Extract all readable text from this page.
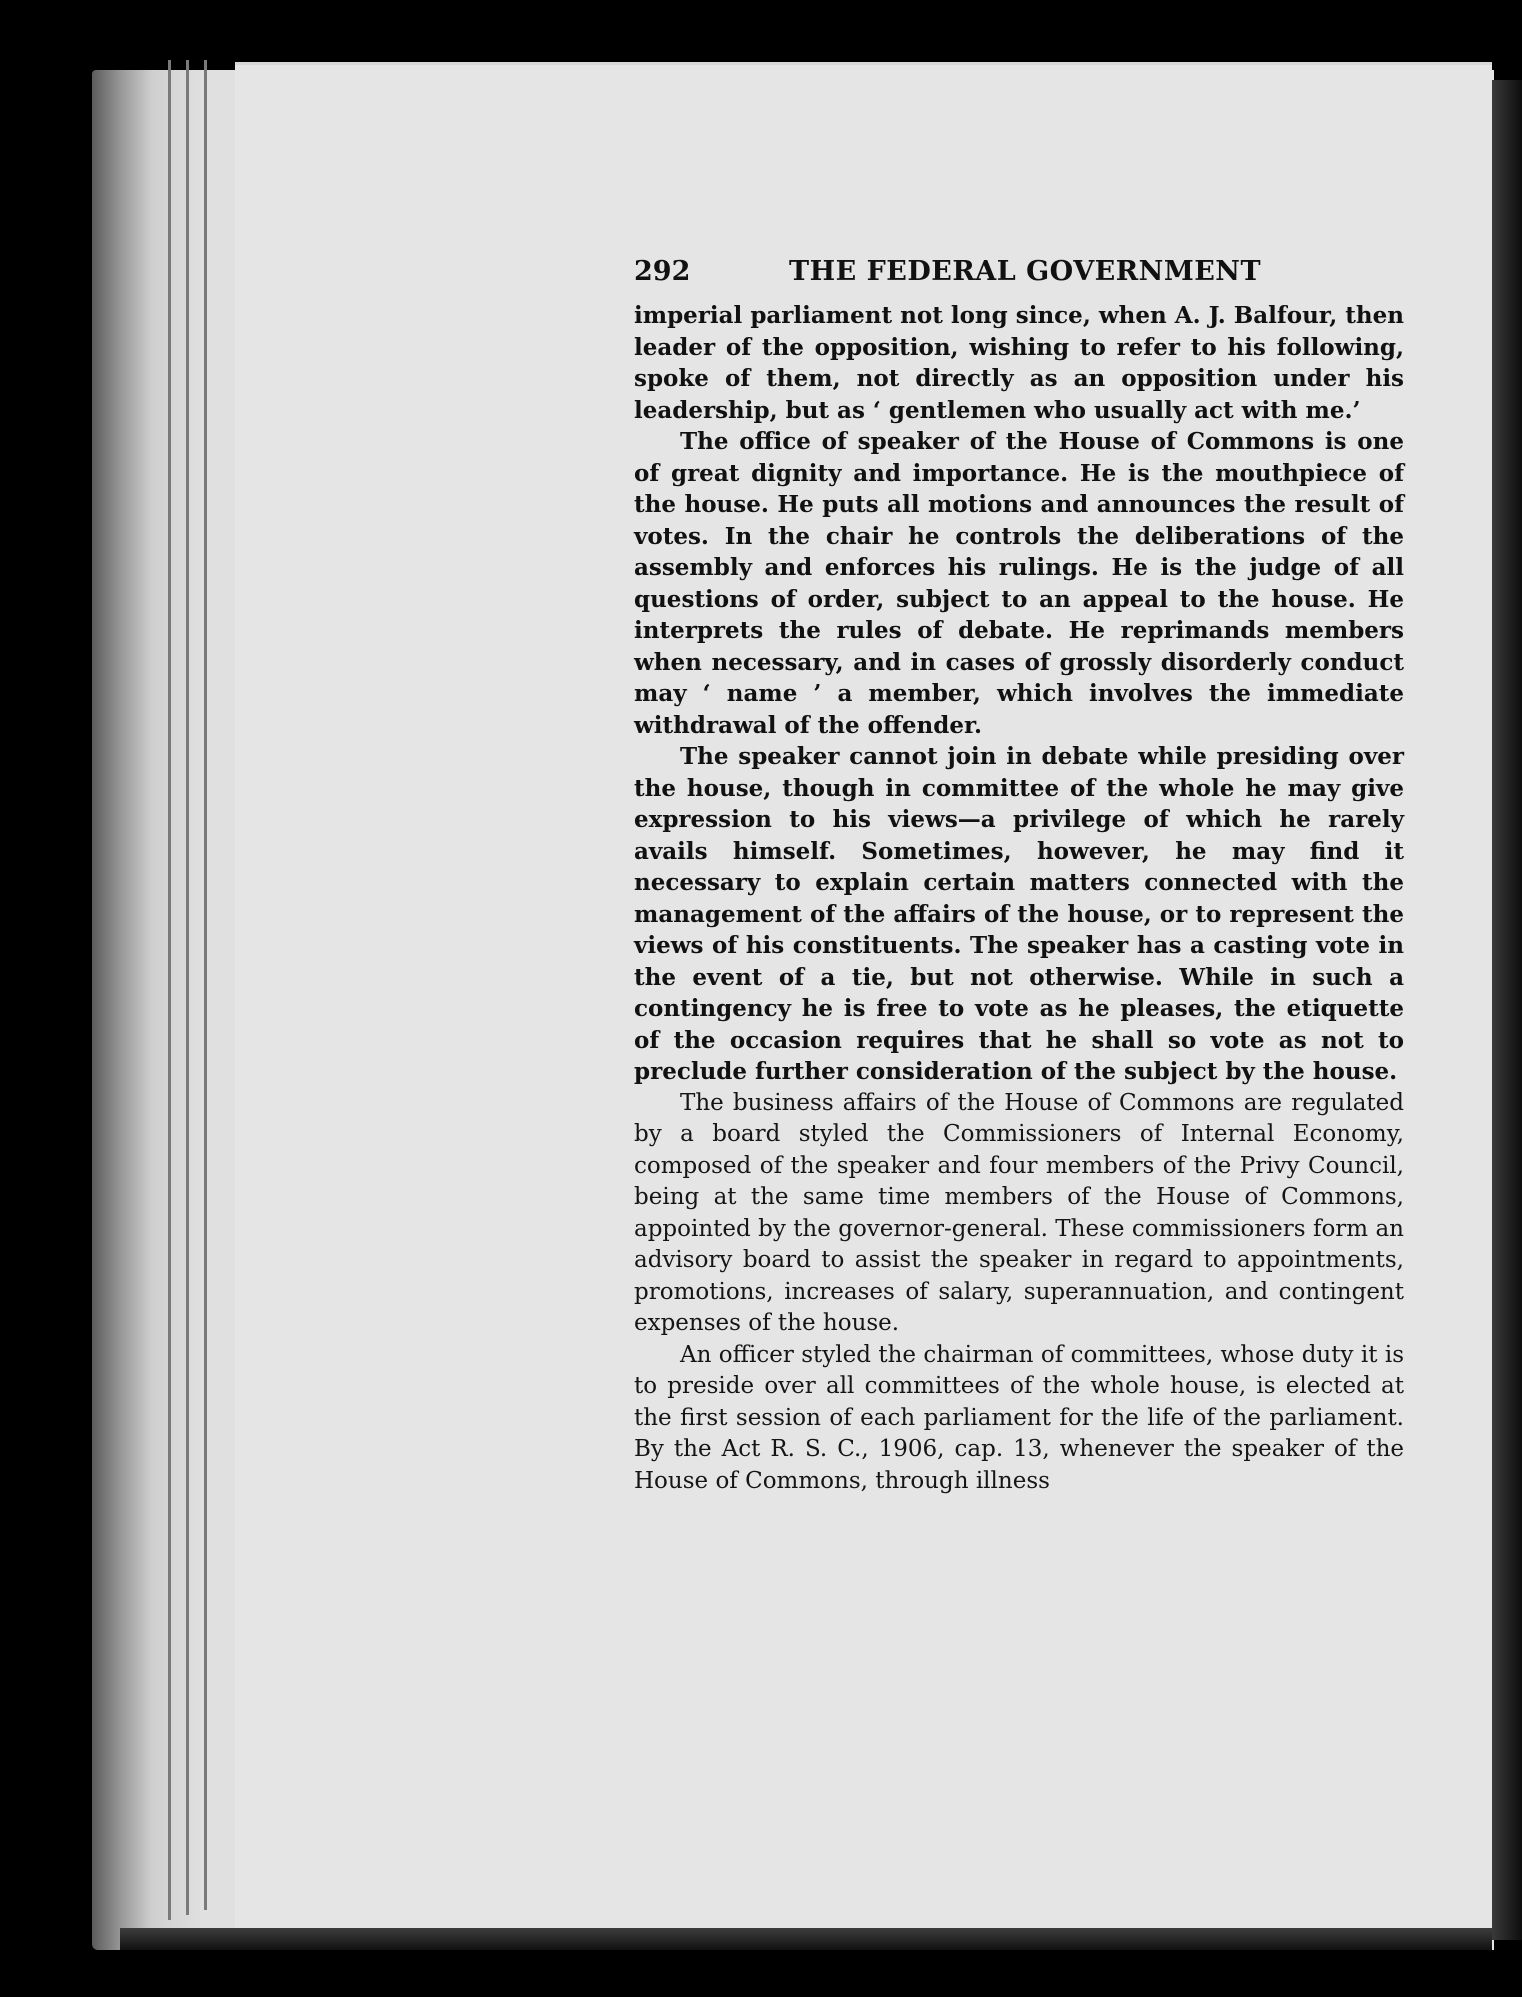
292	THE FEDERAL GOVERNMENT

imperial parliament not long since, when A. J. Balfour, then leader of the opposition, wishing to refer to his following, spoke of them, not directly as an opposition under his leadership, but as ‘ gentlemen who usually act with me.’

The office of speaker of the House of Commons is one of great dignity and importance. He is the mouthpiece of the house. He puts all motions and announces the result of votes. In the chair he controls the deliberations of the assembly and enforces his rulings. He is the judge of all questions of order, subject to an appeal to the house. He interprets the rules of debate. He reprimands members when necessary, and in cases of grossly disorderly conduct may ‘ name ’ a member, which involves the immediate withdrawal of the offender.

The speaker cannot join in debate while presiding over the house, though in committee of the whole he may give expression to his views—a privilege of which he rarely avails himself. Sometimes, however, he may find it necessary to explain certain matters connected with the management of the affairs of the house, or to represent the views of his constituents. The speaker has a casting vote in the event of a tie, but not otherwise. While in such a contingency he is free to vote as he pleases, the etiquette of the occasion requires that he shall so vote as not to preclude further consideration of the subject by the house.

The business affairs of the House of Commons are regulated by a board styled the Commissioners of Internal Economy, composed of the speaker and four members of the Privy Council, being at the same time members of the House of Commons, appointed by the governor-general. These commissioners form an advisory board to assist the speaker in regard to appointments, promotions, increases of salary, superannuation, and contingent expenses of the house.

An officer styled the chairman of committees, whose duty it is to preside over all committees of the whole house, is elected at the first session of each parliament for the life of the parliament. By the Act R. S. C., 1906, cap. 13, whenever the speaker of the House of Commons, through illness
